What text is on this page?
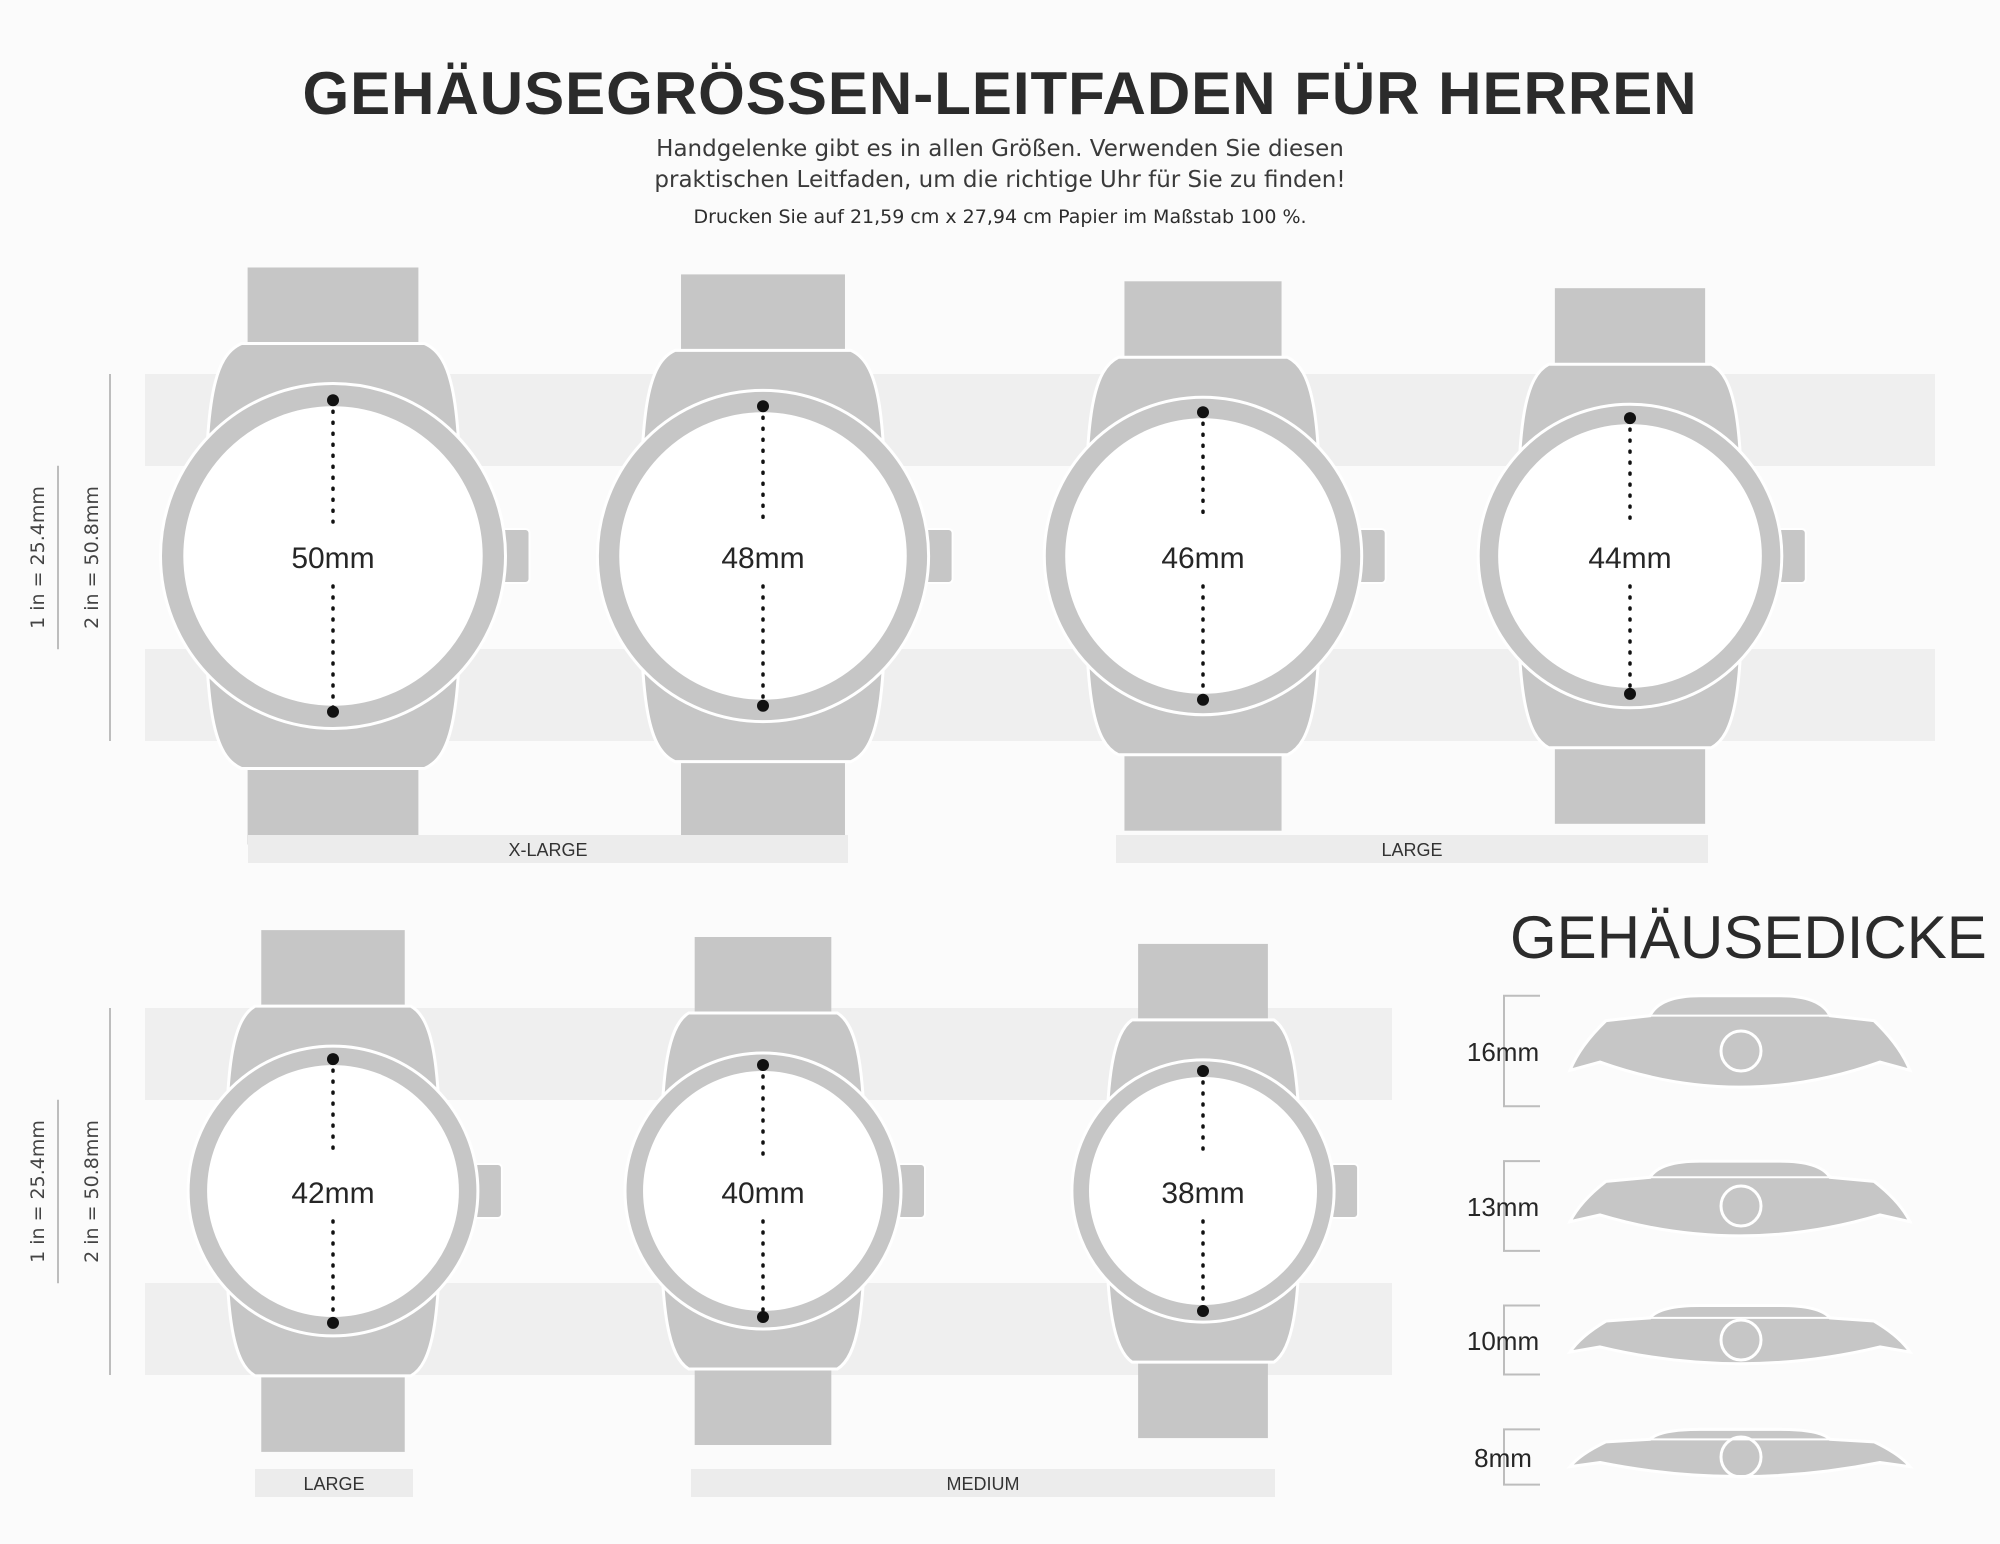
GEHÄUSEGRÖSSEN-LEITFADEN FÜR HERREN
Handgelenke gibt es in allen Größen. Verwenden Sie diesen
praktischen Leitfaden, um die richtige Uhr für Sie zu finden!
Drucken Sie auf 21,59 cm x 27,94 cm Papier im Maßstab 100 %.
1 in = 25.4mm 2 in = 50.8mm
1 in = 25.4mm 2 in = 50.8mm
50mm	48mm	46mm	44mm
42mm	40mm	38mm
X-LARGE	LARGE
LARGE	MEDIUM
16mm
13mm
10mm
8mm
GEHÄUSEDICKE
